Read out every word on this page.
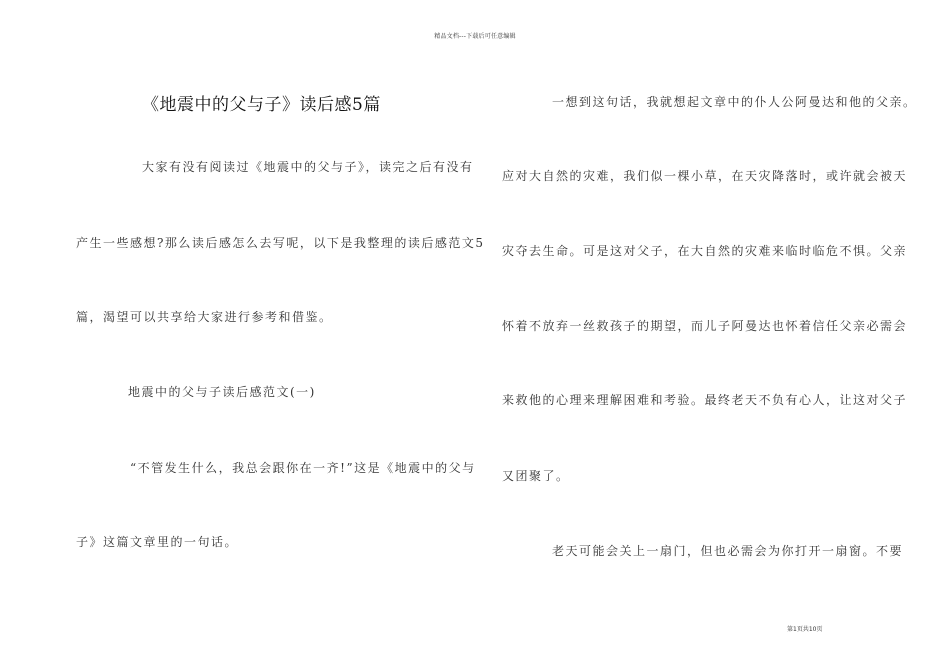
精品文档---下载后可任意编辑
《地震中的父与子》读后感5篇
大家有没有阅读过《地震中的父与子》，读完之后有没有
产生一些感想?那么读后感怎么去写呢，以下是我整理的读后感范文5
篇，渴望可以共享给大家进行参考和借鉴。
地震中的父与子读后感范文(一)
“不管发生什么，我总会跟你在一齐!”这是《地震中的父与
子》这篇文章里的一句话。
一想到这句话，我就想起文章中的仆人公阿曼达和他的父亲。
应对大自然的灾难，我们似一棵小草，在天灾降落时，或许就会被天
灾夺去生命。可是这对父子，在大自然的灾难来临时临危不惧。父亲
怀着不放弃一丝救孩子的期望，而儿子阿曼达也怀着信任父亲必需会
来救他的心理来理解困难和考验。最终老天不负有心人，让这对父子
又团聚了。
老天可能会关上一扇门，但也必需会为你打开一扇窗。不要
第1页共10页
